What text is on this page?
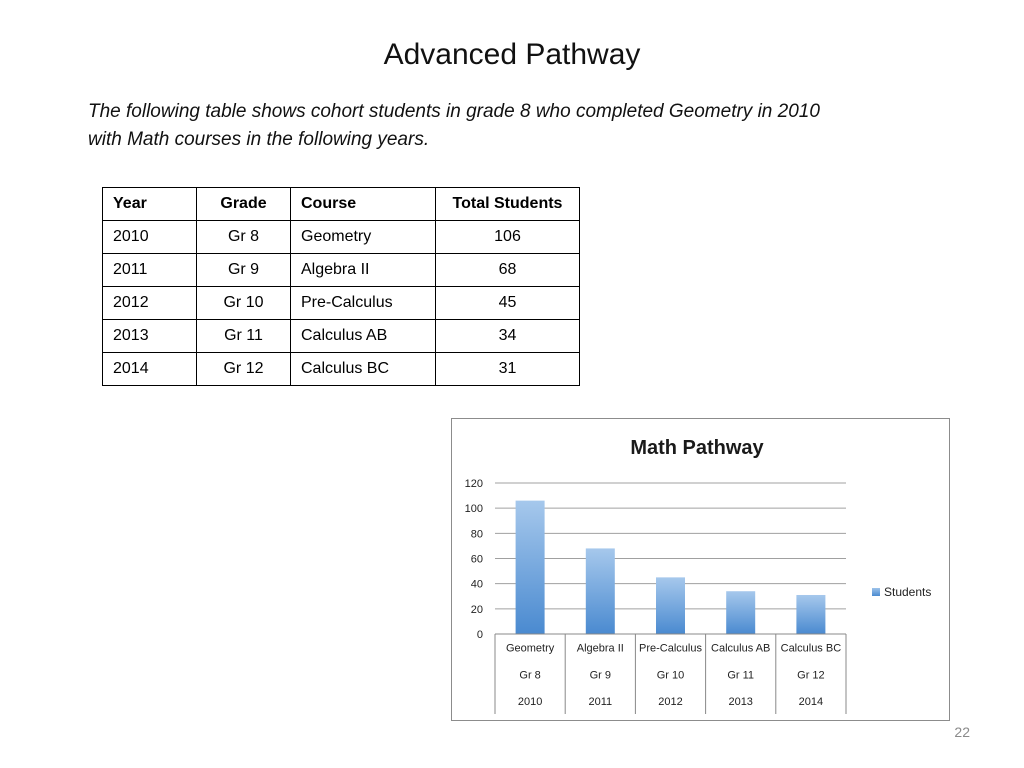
Advanced Pathway
The following table shows cohort students in grade 8 who completed Geometry in 2010
with Math courses in the following years.
Year	Grade	Course	Total Students
2010	Gr 8	Geometry	106
2011	Gr 9	Algebra II	68
2012	Gr 10	Pre-Calculus	45
2013	Gr 11	Calculus AB	34
2014	Gr 12	Calculus BC	31
0
20
40
60
80
100
120
Geometry
Gr 8
2010
Algebra II
Gr 9
2011
Pre-Calculus
Gr 10
2012
Calculus AB
Gr 11
2013
Calculus BC
Gr 12
2014
Math Pathway
Students
22
